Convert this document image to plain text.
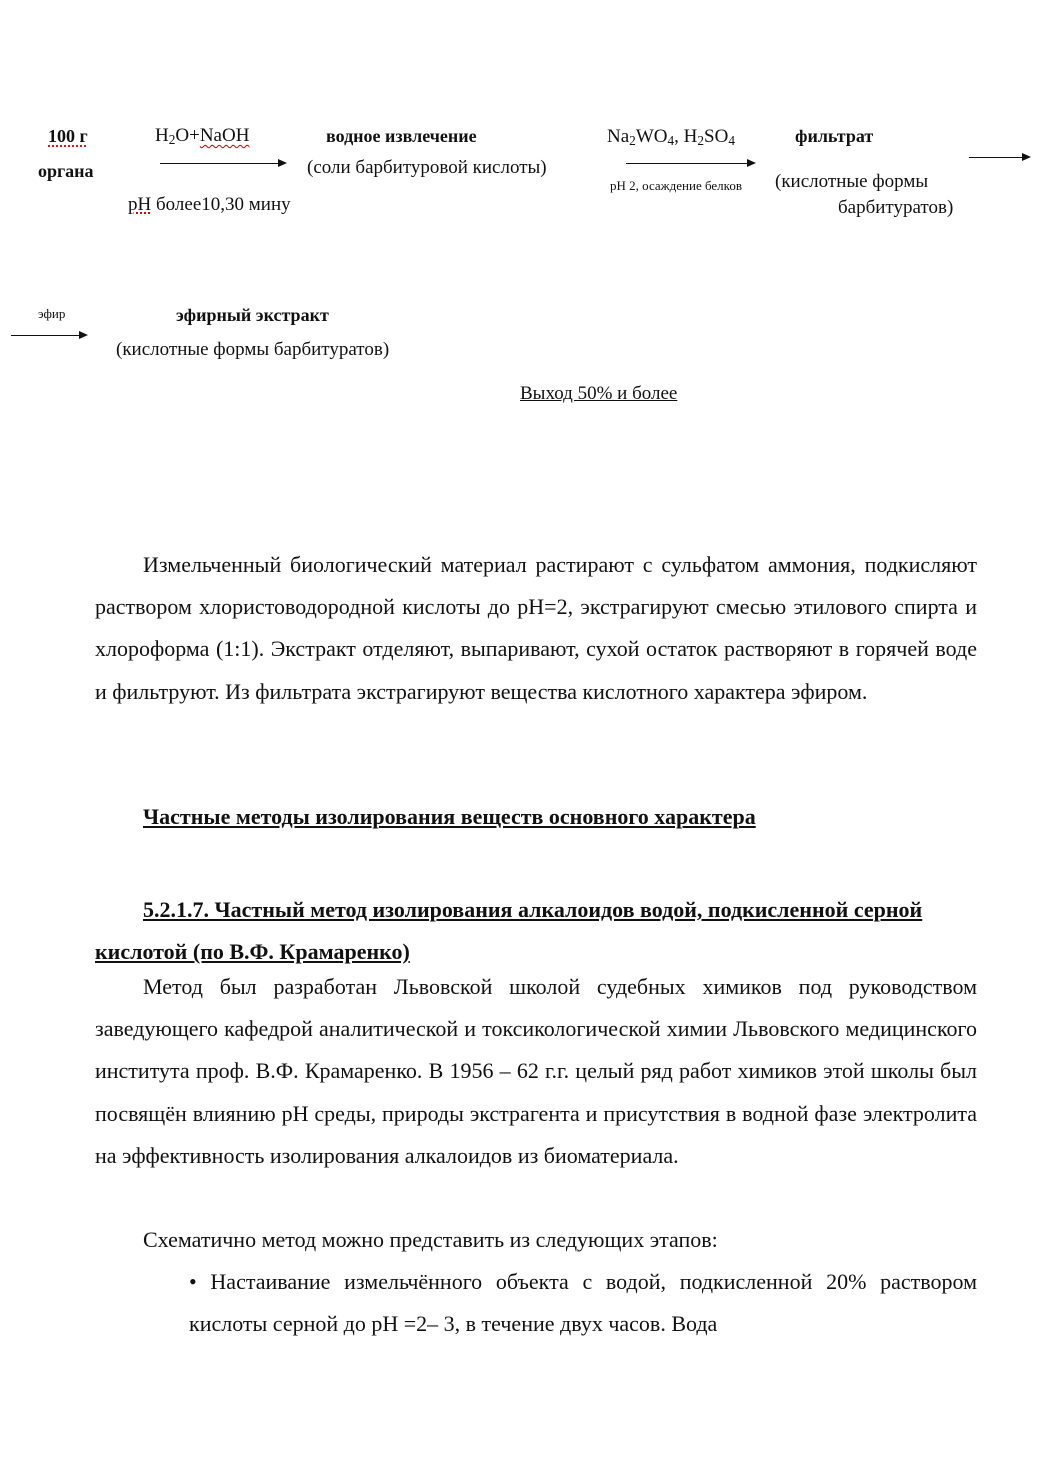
100 г
органа
$H_2O+NaOH$
pH более10,30 мину
водное извлечение
(соли барбитуровой кислоты)
$Na_2WO_4$, $H_2SO_4$
pH 2, осаждение белков
фильтрат
(кислотные формы
барбитуратов)
эфир	эфирный экстракт
(кислотные формы барбитуратов)
Выход 50% и более

Измельченный биологический материал растирают с сульфатом аммония, подкисляют раствором хлористоводородной кислоты до pH=2, экстрагируют смесью этилового спирта и хлороформа (1:1). Экстракт отделяют, выпаривают, сухой остаток растворяют в горячей воде и фильтруют. Из фильтрата экстрагируют вещества кислотного характера эфиром.

Частные методы изолирования веществ основного характера

5.2.1.7. Частный метод изолирования алкалоидов водой, подкисленной серной кислотой (по В.Ф. Крамаренко)

Метод был разработан Львовской школой судебных химиков под руководством заведующего кафедрой аналитической и токсикологической химии Львовского медицинского института проф. В.Ф. Крамаренко. В 1956 – 62 г.г. целый ряд работ химиков этой школы был посвящён влиянию pH среды, природы экстрагента и присутствия в водной фазе электролита на эффективность изолирования алкалоидов из биоматериала.

Схематично метод можно представить из следующих этапов:

• Настаивание измельчённого объекта с водой, подкисленной 20% раствором кислоты серной до pH =2– 3, в течение двух часов. Вода
